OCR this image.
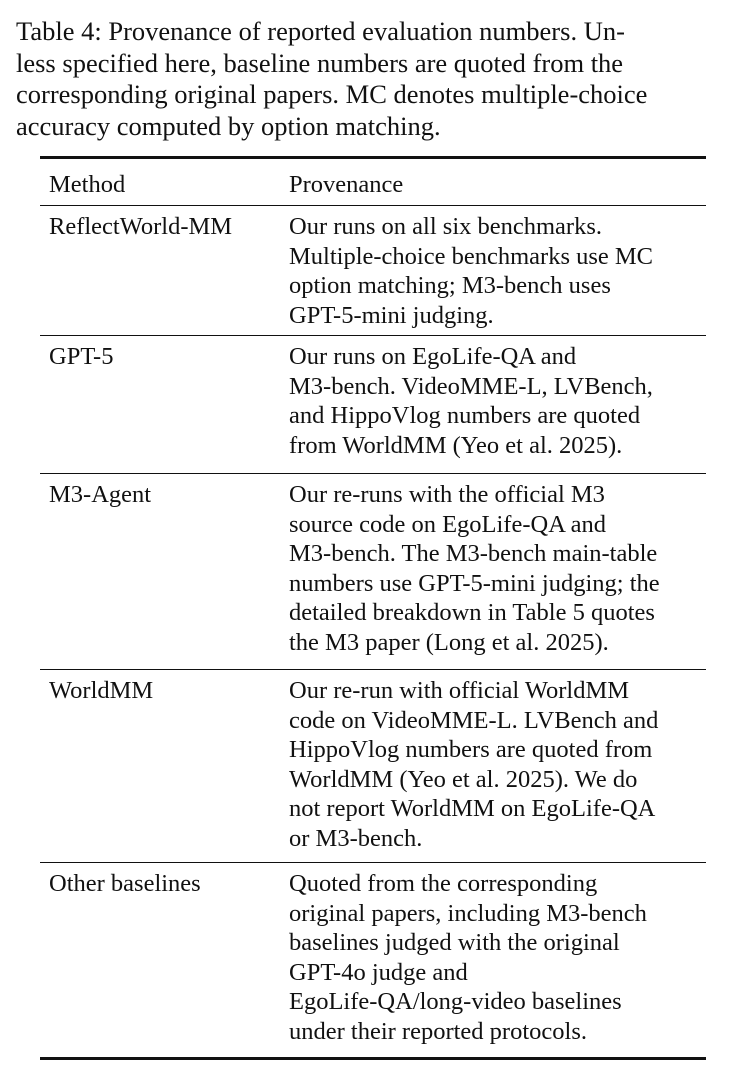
Table 4: Provenance of reported evaluation numbers. Un-
less specified here, baseline numbers are quoted from the
corresponding original papers. MC denotes multiple-choice
accuracy computed by option matching.
Method	Provenance
ReflectWorld-MM	Our runs on all six benchmarks.
Multiple-choice benchmarks use MC
option matching; M3-bench uses
GPT-5-mini judging.
GPT-5	Our runs on EgoLife-QA and
M3-bench. VideoMME-L, LVBench,
and HippoVlog numbers are quoted
from WorldMM (Yeo et al. 2025).
M3-Agent	Our re-runs with the official M3
source code on EgoLife-QA and
M3-bench. The M3-bench main-table
numbers use GPT-5-mini judging; the
detailed breakdown in Table 5 quotes
the M3 paper (Long et al. 2025).
WorldMM	Our re-run with official WorldMM
code on VideoMME-L. LVBench and
HippoVlog numbers are quoted from
WorldMM (Yeo et al. 2025). We do
not report WorldMM on EgoLife-QA
or M3-bench.
Other baselines	Quoted from the corresponding
original papers, including M3-bench
baselines judged with the original
GPT-4o judge and
EgoLife-QA/long-video baselines
under their reported protocols.
